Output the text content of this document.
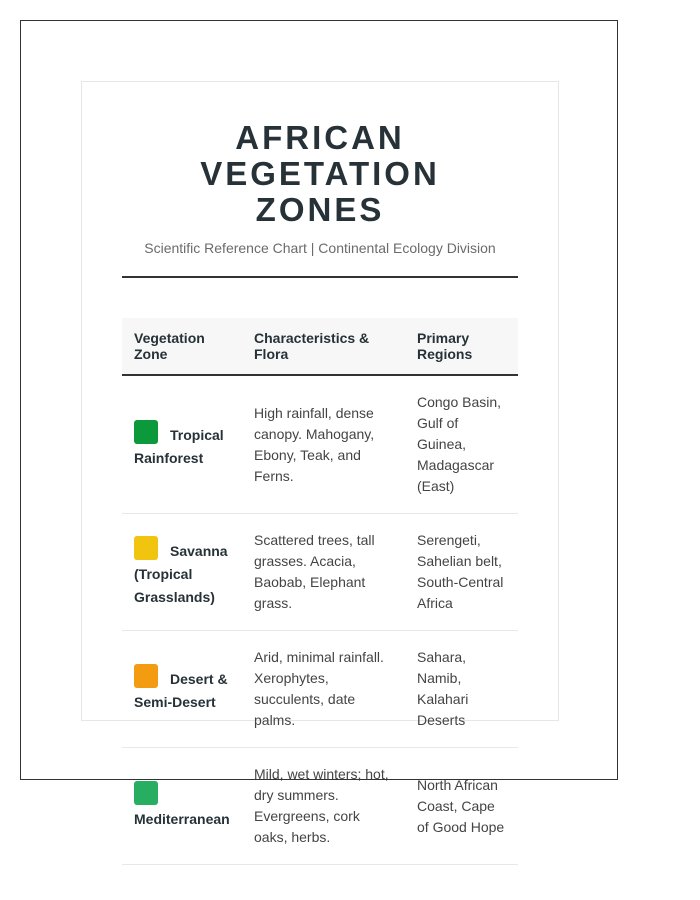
AFRICAN VEGETATION
ZONES
Scientific Reference Chart | Continental Ecology Division
Vegetation Zone	Characteristics & Flora	Primary Regions
Tropical Rainforest	High rainfall, dense canopy. Mahogany, Ebony, Teak, and Ferns.	Congo Basin, Gulf of Guinea, Madagascar (East)
Savanna (Tropical Grasslands)	Scattered trees, tall grasses. Acacia, Baobab, Elephant grass.	Serengeti, Sahelian belt, South-Central Africa
Desert & Semi-Desert	Arid, minimal rainfall. Xerophytes, succulents, date palms.	Sahara, Namib, Kalahari Deserts
Mediterranean	Mild, wet winters; hot, dry summers. Evergreens, cork oaks, herbs.	North African Coast, Cape of Good Hope
